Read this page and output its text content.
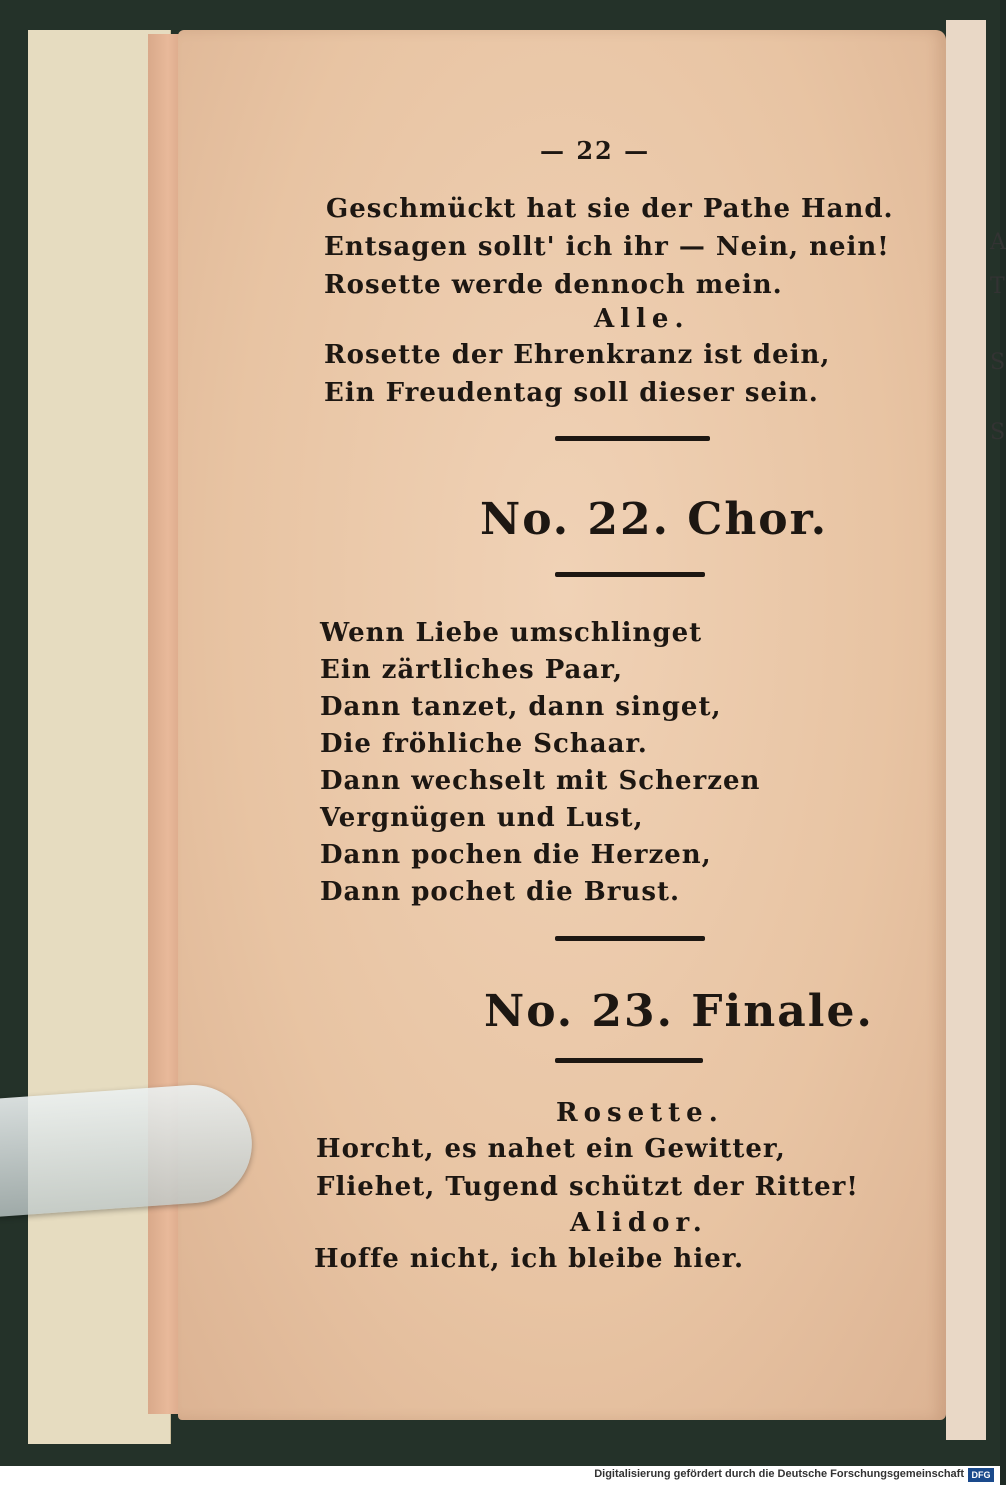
A
T
S
S
— 22 —
Geschmückt hat sie der Pathe Hand.
Entsagen sollt' ich ihr — Nein, nein!
Rosette werde dennoch mein.
Alle.
Rosette der Ehrenkranz ist dein,
Ein Freudentag soll dieser sein.
No. 22. Chor.
Wenn Liebe umschlinget
Ein zärtliches Paar,
Dann tanzet, dann singet,
Die fröhliche Schaar.
Dann wechselt mit Scherzen
Vergnügen und Lust,
Dann pochen die Herzen,
Dann pochet die Brust.
No. 23. Finale.
Rosette.
Horcht, es nahet ein Gewitter,
Fliehet, Tugend schützt der Ritter!
Alidor.
Hoffe nicht, ich bleibe hier.
Digitalisierung gefördert durch die Deutsche Forschungsgemeinschaft DFG
